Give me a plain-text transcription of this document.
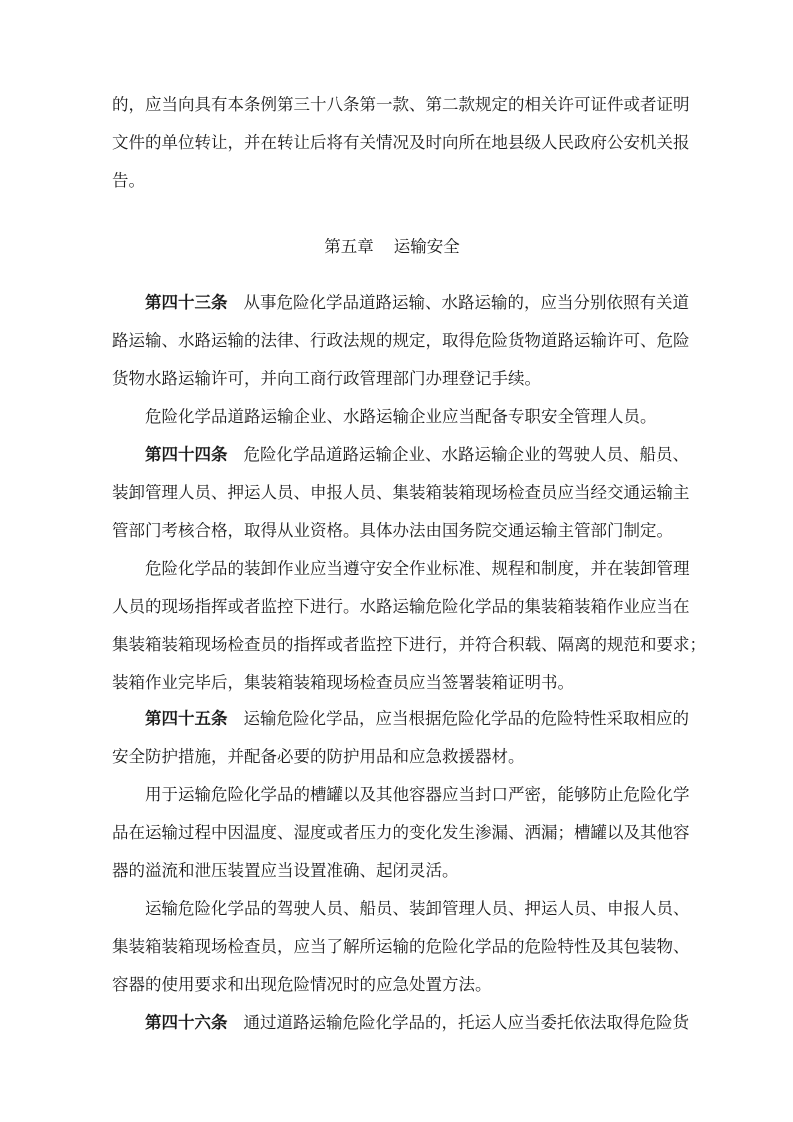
的，应当向具有本条例第三十八条第一款、第二款规定的相关许可证件或者证明
文件的单位转让，并在转让后将有关情况及时向所在地县级人民政府公安机关报
告。
第五章 运输安全
第四十三条 从事危险化学品道路运输、水路运输的，应当分别依照有关道
路运输、水路运输的法律、行政法规的规定，取得危险货物道路运输许可、危险
货物水路运输许可，并向工商行政管理部门办理登记手续。
危险化学品道路运输企业、水路运输企业应当配备专职安全管理人员。
第四十四条 危险化学品道路运输企业、水路运输企业的驾驶人员、船员、
装卸管理人员、押运人员、申报人员、集装箱装箱现场检查员应当经交通运输主
管部门考核合格，取得从业资格。具体办法由国务院交通运输主管部门制定。
危险化学品的装卸作业应当遵守安全作业标准、规程和制度，并在装卸管理
人员的现场指挥或者监控下进行。水路运输危险化学品的集装箱装箱作业应当在
集装箱装箱现场检查员的指挥或者监控下进行，并符合积载、隔离的规范和要求；
装箱作业完毕后，集装箱装箱现场检查员应当签署装箱证明书。
第四十五条 运输危险化学品，应当根据危险化学品的危险特性采取相应的
安全防护措施，并配备必要的防护用品和应急救援器材。
用于运输危险化学品的槽罐以及其他容器应当封口严密，能够防止危险化学
品在运输过程中因温度、湿度或者压力的变化发生渗漏、洒漏；槽罐以及其他容
器的溢流和泄压装置应当设置准确、起闭灵活。
运输危险化学品的驾驶人员、船员、装卸管理人员、押运人员、申报人员、
集装箱装箱现场检查员，应当了解所运输的危险化学品的危险特性及其包装物、
容器的使用要求和出现危险情况时的应急处置方法。
第四十六条 通过道路运输危险化学品的，托运人应当委托依法取得危险货
